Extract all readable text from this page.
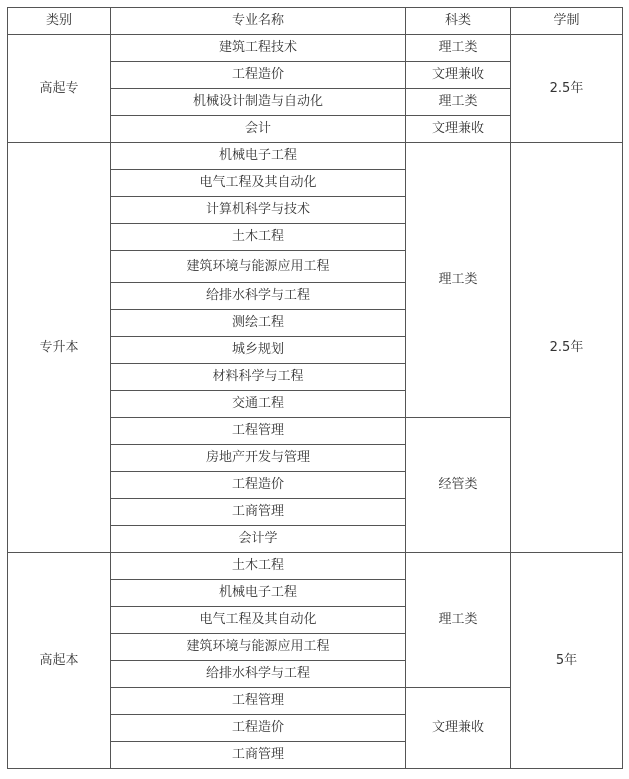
类别	专业名称	科类	学制
高起专	建筑工程技术	理工类	2.5年
	工程造价	文理兼收	
	机械设计制造与自动化	理工类	
	会计	文理兼收	
专升本	机械电子工程	理工类	2.5年
	电气工程及其自动化		
	计算机科学与技术		
	土木工程		
	建筑环境与能源应用工程		
	给排水科学与工程		
	测绘工程		
	城乡规划		
	材料科学与工程		
	交通工程		
	工程管理	经管类	
	房地产开发与管理		
	工程造价		
	工商管理		
	会计学		
高起本	土木工程	理工类	5年
	机械电子工程		
	电气工程及其自动化		
	建筑环境与能源应用工程		
	给排水科学与工程		
	工程管理	文理兼收	
	工程造价		
	工商管理		
